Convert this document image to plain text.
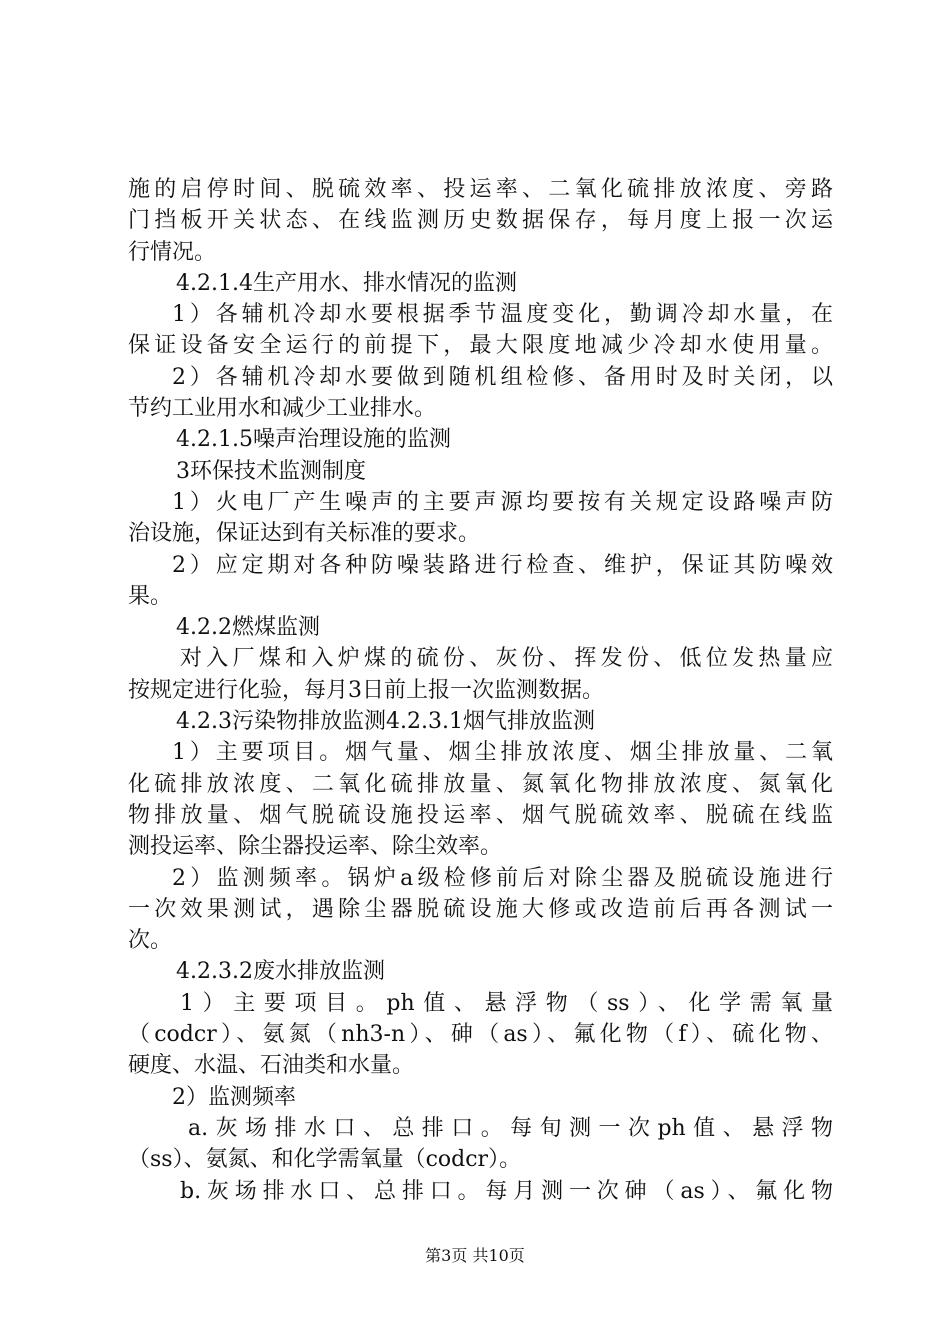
施的启停时间、脱硫效率、投运率、二氧化硫排放浓度、旁路
门挡板开关状态、在线监测历史数据保存，每月度上报一次运
行情况。
4.2.1.4生产用水、排水情况的监测
1）各辅机冷却水要根据季节温度变化，勤调冷却水量，在
保证设备安全运行的前提下，最大限度地减少冷却水使用量。
2）各辅机冷却水要做到随机组检修、备用时及时关闭，以
节约工业用水和减少工业排水。
4.2.1.5噪声治理设施的监测
3环保技术监测制度
1）火电厂产生噪声的主要声源均要按有关规定设路噪声防
治设施，保证达到有关标准的要求。
2）应定期对各种防噪装路进行检查、维护，保证其防噪效
果。
4.2.2燃煤监测
对入厂煤和入炉煤的硫份、灰份、挥发份、低位发热量应
按规定进行化验，每月3日前上报一次监测数据。
4.2.3污染物排放监测4.2.3.1烟气排放监测
1）主要项目。烟气量、烟尘排放浓度、烟尘排放量、二氧
化硫排放浓度、二氧化硫排放量、氮氧化物排放浓度、氮氧化
物排放量、烟气脱硫设施投运率、烟气脱硫效率、脱硫在线监
测投运率、除尘器投运率、除尘效率。
2）监测频率。锅炉a级检修前后对除尘器及脱硫设施进行
一次效果测试，遇除尘器脱硫设施大修或改造前后再各测试一
次。
4.2.3.2废水排放监测
1）主要项目。ph值、悬浮物（ss）、化学需氧量
（codcr）、氨氮（nh3-n）、砷（as）、氟化物（f）、硫化物、
硬度、水温、石油类和水量。
2）监测频率
a.灰场排水口、总排口。每旬测一次ph值、悬浮物
（ss）、氨氮、和化学需氧量（codcr）。
b.灰场排水口、总排口。每月测一次砷（as）、氟化物
第3页 共10页
